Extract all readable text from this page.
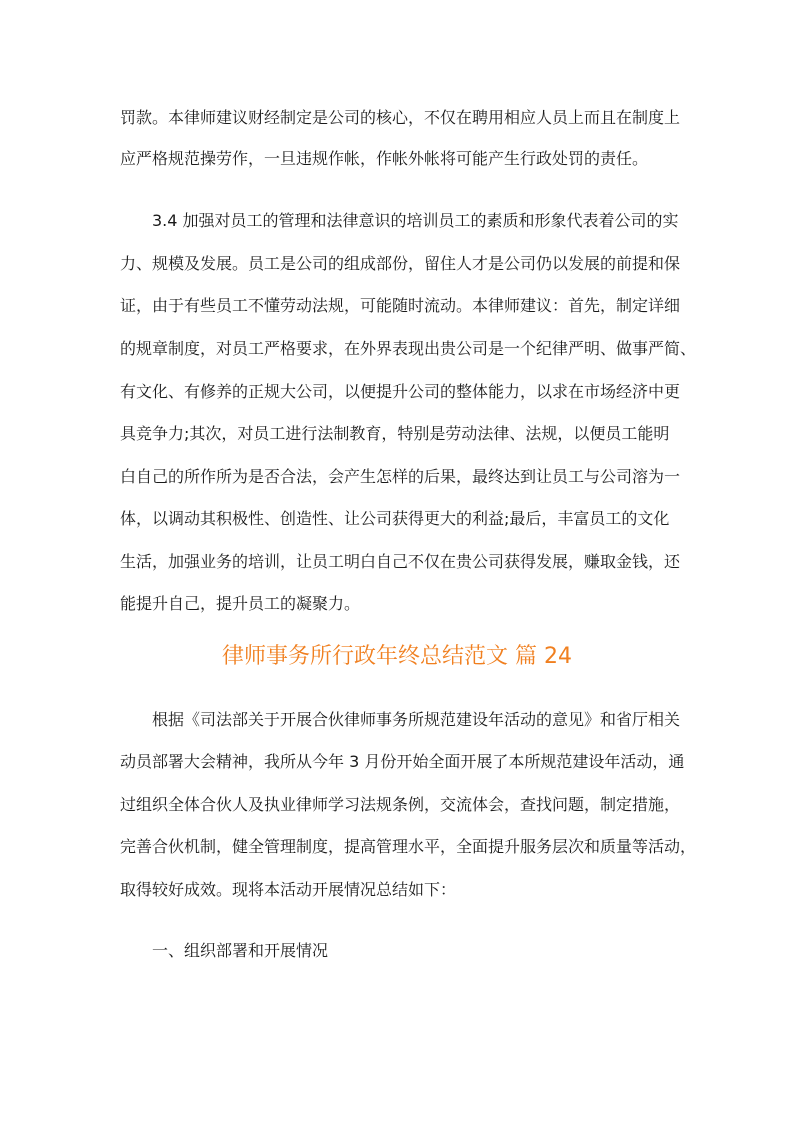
罚款。本律师建议财经制定是公司的核心，不仅在聘用相应人员上而且在制度上
应严格规范操劳作，一旦违规作帐，作帐外帐将可能产生行政处罚的责任。
3.4 加强对员工的管理和法律意识的培训员工的素质和形象代表着公司的实
力、规模及发展。员工是公司的组成部份，留住人才是公司仍以发展的前提和保
证，由于有些员工不懂劳动法规，可能随时流动。本律师建议：首先，制定详细
的规章制度，对员工严格要求，在外界表现出贵公司是一个纪律严明、做事严简、
有文化、有修养的正规大公司，以便提升公司的整体能力，以求在市场经济中更
具竞争力;其次，对员工进行法制教育，特别是劳动法律、法规，以便员工能明
白自己的所作所为是否合法，会产生怎样的后果，最终达到让员工与公司溶为一
体，以调动其积极性、创造性、让公司获得更大的利益;最后，丰富员工的文化
生活，加强业务的培训，让员工明白自己不仅在贵公司获得发展，赚取金钱，还
能提升自己，提升员工的凝聚力。
律师事务所行政年终总结范文 篇 24
根据《司法部关于开展合伙律师事务所规范建设年活动的意见》和省厅相关
动员部署大会精神，我所从今年 3 月份开始全面开展了本所规范建设年活动，通
过组织全体合伙人及执业律师学习法规条例，交流体会，查找问题，制定措施，
完善合伙机制，健全管理制度，提高管理水平，全面提升服务层次和质量等活动，
取得较好成效。现将本活动开展情况总结如下：
一、组织部署和开展情况
